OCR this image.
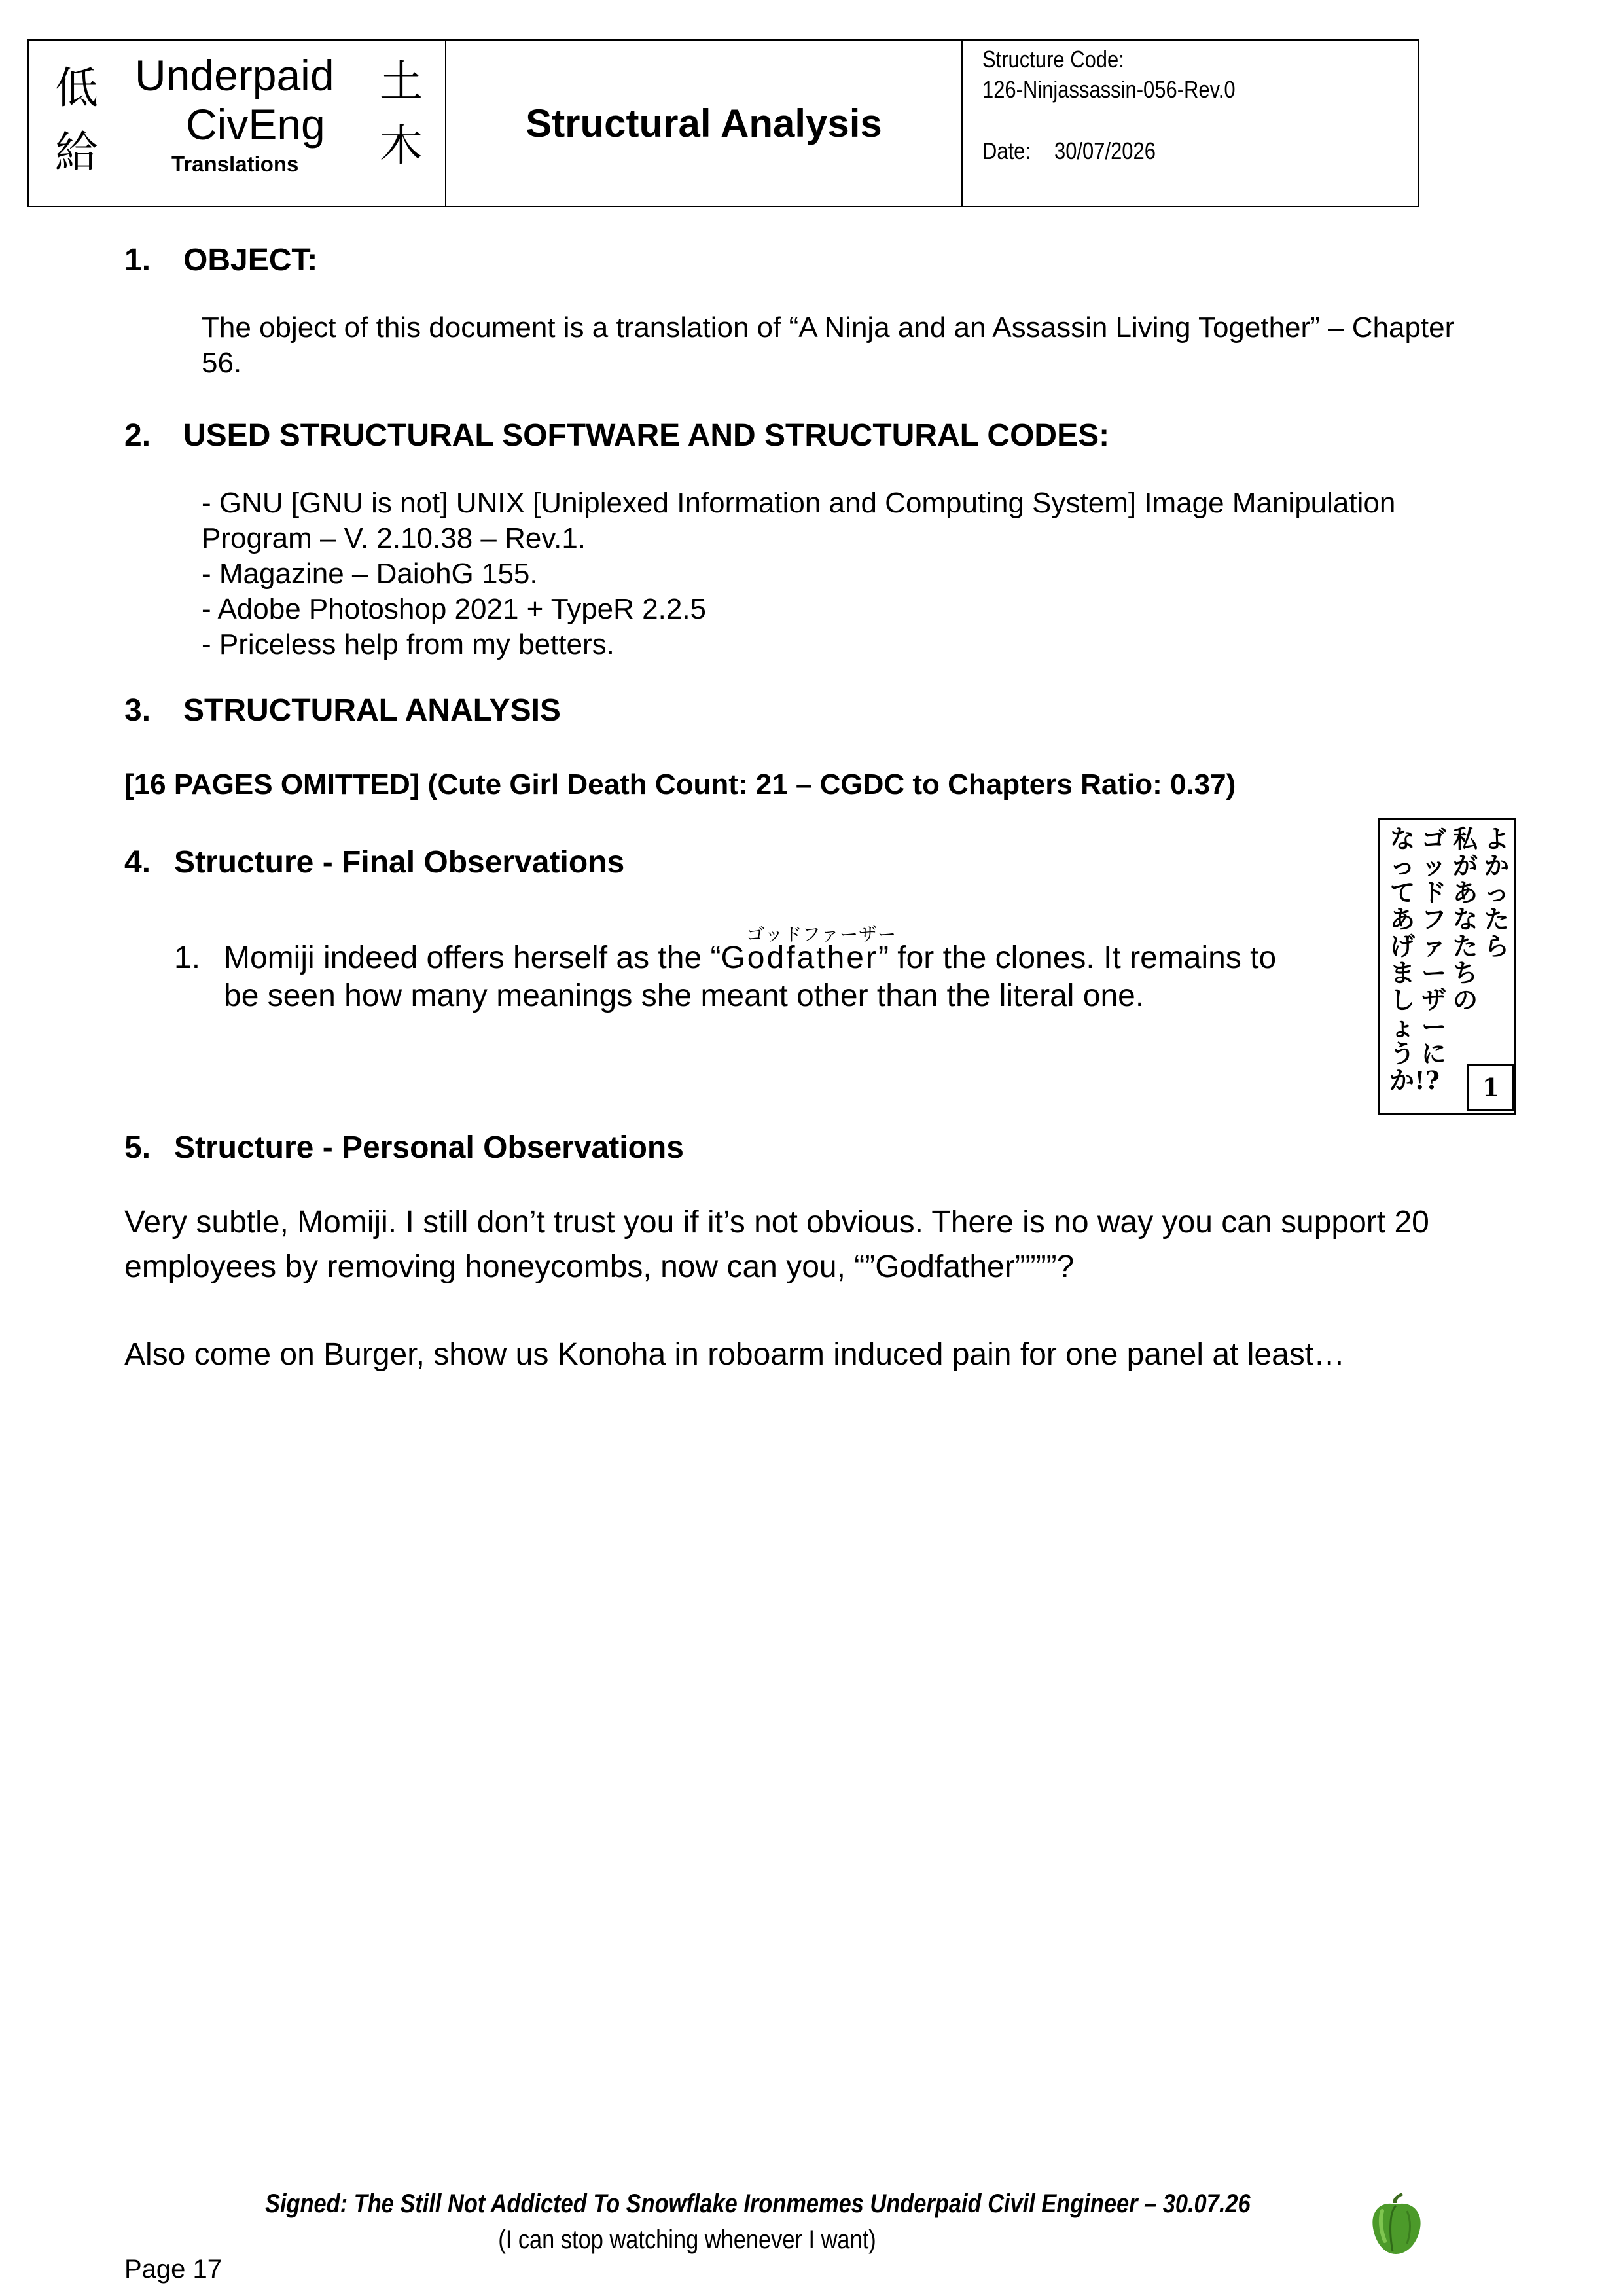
低
給
土
木
Underpaid
CivEng
Translations
Structural Analysis
Structure Code:
126-Ninjassassin-056-Rev.0
Date: 30/07/2026
1. OBJECT:
The object of this document is a translation of “A Ninja and an Assassin Living Together” – Chapter
56.
2. USED STRUCTURAL SOFTWARE AND STRUCTURAL CODES:
- GNU [GNU is not] UNIX [Uniplexed Information and Computing System] Image Manipulation
Program – V. 2.10.38 – Rev.1.
- Magazine – DaiohG 155.
- Adobe Photoshop 2021 + TypeR 2.2.5
- Priceless help from my betters.
3. STRUCTURAL ANALYSIS
[16 PAGES OMITTED] (Cute Girl Death Count: 21 – CGDC to Chapters Ratio: 0.37)
4. Structure - Final Observations
ゴッドファーザー
1. Momiji indeed offers herself as the “Godfather” for the clones. It remains to
be seen how many meanings she meant other than the literal one.
よかったら
私があなたちの
ゴッドファーザーに
なってあげましょうか!?	1
5. Structure - Personal Observations
Very subtle, Momiji. I still don’t trust you if it’s not obvious. There is no way you can support 20
employees by removing honeycombs, now can you, “”Godfather””””?
Also come on Burger, show us Konoha in roboarm induced pain for one panel at least…
Signed: The Still Not Addicted To Snowflake Ironmemes Underpaid Civil Engineer – 30.07.26
(I can stop watching whenever I want)
Page 17
